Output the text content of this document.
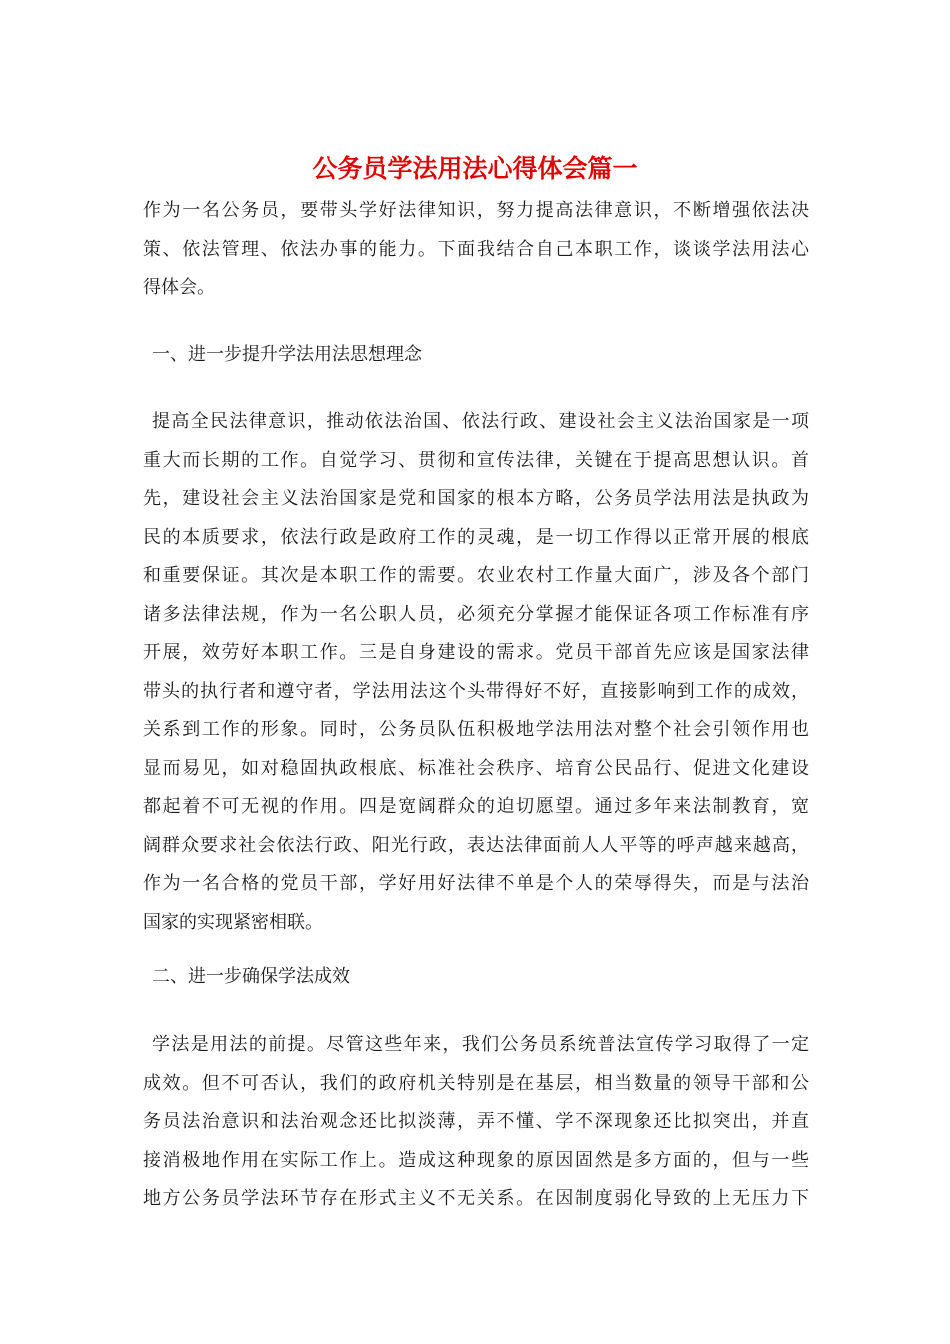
公务员学法用法心得体会篇一
作为一名公务员，要带头学好法律知识，努力提高法律意识，不断增强依法决
策、依法管理、依法办事的能力。下面我结合自己本职工作，谈谈学法用法心
得体会。
一、进一步提升学法用法思想理念
提高全民法律意识，推动依法治国、依法行政、建设社会主义法治国家是一项
重大而长期的工作。自觉学习、贯彻和宣传法律，关键在于提高思想认识。首
先，建设社会主义法治国家是党和国家的根本方略，公务员学法用法是执政为
民的本质要求，依法行政是政府工作的灵魂，是一切工作得以正常开展的根底
和重要保证。其次是本职工作的需要。农业农村工作量大面广，涉及各个部门
诸多法律法规，作为一名公职人员，必须充分掌握才能保证各项工作标准有序
开展，效劳好本职工作。三是自身建设的需求。党员干部首先应该是国家法律
带头的执行者和遵守者，学法用法这个头带得好不好，直接影响到工作的成效，
关系到工作的形象。同时，公务员队伍积极地学法用法对整个社会引领作用也
显而易见，如对稳固执政根底、标准社会秩序、培育公民品行、促进文化建设
都起着不可无视的作用。四是宽阔群众的迫切愿望。通过多年来法制教育，宽
阔群众要求社会依法行政、阳光行政，表达法律面前人人平等的呼声越来越高，
作为一名合格的党员干部，学好用好法律不单是个人的荣辱得失，而是与法治
国家的实现紧密相联。
二、进一步确保学法成效
学法是用法的前提。尽管这些年来，我们公务员系统普法宣传学习取得了一定
成效。但不可否认，我们的政府机关特别是在基层，相当数量的领导干部和公
务员法治意识和法治观念还比拟淡薄，弄不懂、学不深现象还比拟突出，并直
接消极地作用在实际工作上。造成这种现象的原因固然是多方面的，但与一些
地方公务员学法环节存在形式主义不无关系。在因制度弱化导致的上无压力下
